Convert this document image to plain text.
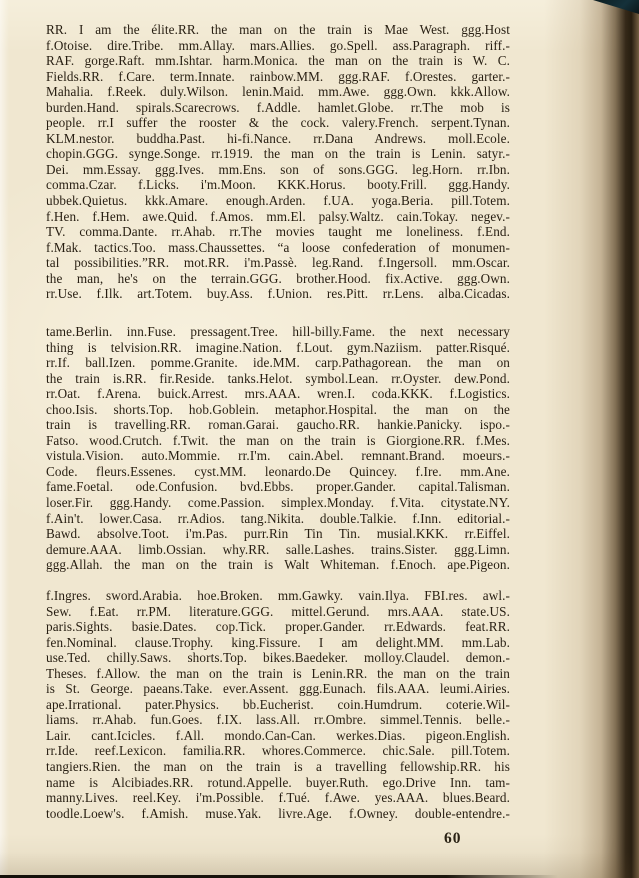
RR. I am the élite.RR. the man on the train is Mae West. ggg.Host
f.Otoise. dire.Tribe. mm.Allay. mars.Allies. go.Spell. ass.Paragraph. riff.-
RAF. gorge.Raft. mm.Ishtar. harm.Monica. the man on the train is W. C.
Fields.RR. f.Care. term.Innate. rainbow.MM. ggg.RAF. f.Orestes. garter.-
Mahalia. f.Reek. duly.Wilson. lenin.Maid. mm.Awe. ggg.Own. kkk.Allow.
burden.Hand. spirals.Scarecrows. f.Addle. hamlet.Globe. rr.The mob is
people. rr.I suffer the rooster & the cock. valery.French. serpent.Tynan.
KLM.nestor. buddha.Past. hi-fi.Nance. rr.Dana Andrews. moll.Ecole.
chopin.GGG. synge.Songe. rr.1919. the man on the train is Lenin. satyr.-
Dei. mm.Essay. ggg.Ives. mm.Ens. son of sons.GGG. leg.Horn. rr.Ibn.
comma.Czar. f.Licks. i'm.Moon. KKK.Horus. booty.Frill. ggg.Handy.
ubbek.Quietus. kkk.Amare. enough.Arden. f.UA. yoga.Beria. pill.Totem.
f.Hen. f.Hem. awe.Quid. f.Amos. mm.El. palsy.Waltz. cain.Tokay. negev.-
TV. comma.Dante. rr.Ahab. rr.The movies taught me loneliness. f.End.
f.Mak. tactics.Too. mass.Chaussettes. “a loose confederation of monumen-
tal possibilities.”RR. mot.RR. i'm.Passè. leg.Rand. f.Ingersoll. mm.Oscar.
the man, he's on the terrain.GGG. brother.Hood. fix.Active. ggg.Own.
rr.Use. f.Ilk. art.Totem. buy.Ass. f.Union. res.Pitt. rr.Lens. alba.Cicadas.
tame.Berlin. inn.Fuse. pressagent.Tree. hill-billy.Fame. the next necessary
thing is telvision.RR. imagine.Nation. f.Lout. gym.Naziism. patter.Risqué.
rr.If. ball.Izen. pomme.Granite. ide.MM. carp.Pathagorean. the man on
the train is.RR. fir.Reside. tanks.Helot. symbol.Lean. rr.Oyster. dew.Pond.
rr.Oat. f.Arena. buick.Arrest. mrs.AAA. wren.I. coda.KKK. f.Logistics.
choo.Isis. shorts.Top. hob.Goblein. metaphor.Hospital. the man on the
train is travelling.RR. roman.Garai. gaucho.RR. hankie.Panicky. ispo.-
Fatso. wood.Crutch. f.Twit. the man on the train is Giorgione.RR. f.Mes.
vistula.Vision. auto.Mommie. rr.I'm. cain.Abel. remnant.Brand. moeurs.-
Code. fleurs.Essenes. cyst.MM. leonardo.De Quincey. f.Ire. mm.Ane.
fame.Foetal. ode.Confusion. bvd.Ebbs. proper.Gander. capital.Talisman.
loser.Fir. ggg.Handy. come.Passion. simplex.Monday. f.Vita. citystate.NY.
f.Ain't. lower.Casa. rr.Adios. tang.Nikita. double.Talkie. f.Inn. editorial.-
Bawd. absolve.Toot. i'm.Pas. purr.Rin Tin Tin. musial.KKK. rr.Eiffel.
demure.AAA. limb.Ossian. why.RR. salle.Lashes. trains.Sister. ggg.Limn.
ggg.Allah. the man on the train is Walt Whiteman. f.Enoch. ape.Pigeon.
f.Ingres. sword.Arabia. hoe.Broken. mm.Gawky. vain.Ilya. FBI.res. awl.-
Sew. f.Eat. rr.PM. literature.GGG. mittel.Gerund. mrs.AAA. state.US.
paris.Sights. basie.Dates. cop.Tick. proper.Gander. rr.Edwards. feat.RR.
fen.Nominal. clause.Trophy. king.Fissure. I am delight.MM. mm.Lab.
use.Ted. chilly.Saws. shorts.Top. bikes.Baedeker. molloy.Claudel. demon.-
Theses. f.Allow. the man on the train is Lenin.RR. the man on the train
is St. George. paeans.Take. ever.Assent. ggg.Eunach. fils.AAA. leumi.Airies.
ape.Irrational. pater.Physics. bb.Eucherist. coin.Humdrum. coterie.Wil-
liams. rr.Ahab. fun.Goes. f.IX. lass.All. rr.Ombre. simmel.Tennis. belle.-
Lair. cant.Icicles. f.All. mondo.Can-Can. werkes.Dias. pigeon.English.
rr.Ide. reef.Lexicon. familia.RR. whores.Commerce. chic.Sale. pill.Totem.
tangiers.Rien. the man on the train is a travelling fellowship.RR. his
name is Alcibiades.RR. rotund.Appelle. buyer.Ruth. ego.Drive Inn. tam-
manny.Lives. reel.Key. i'm.Possible. f.Tué. f.Awe. yes.AAA. blues.Beard.
toodle.Loew's. f.Amish. muse.Yak. livre.Age. f.Owney. double-entendre.-
60
